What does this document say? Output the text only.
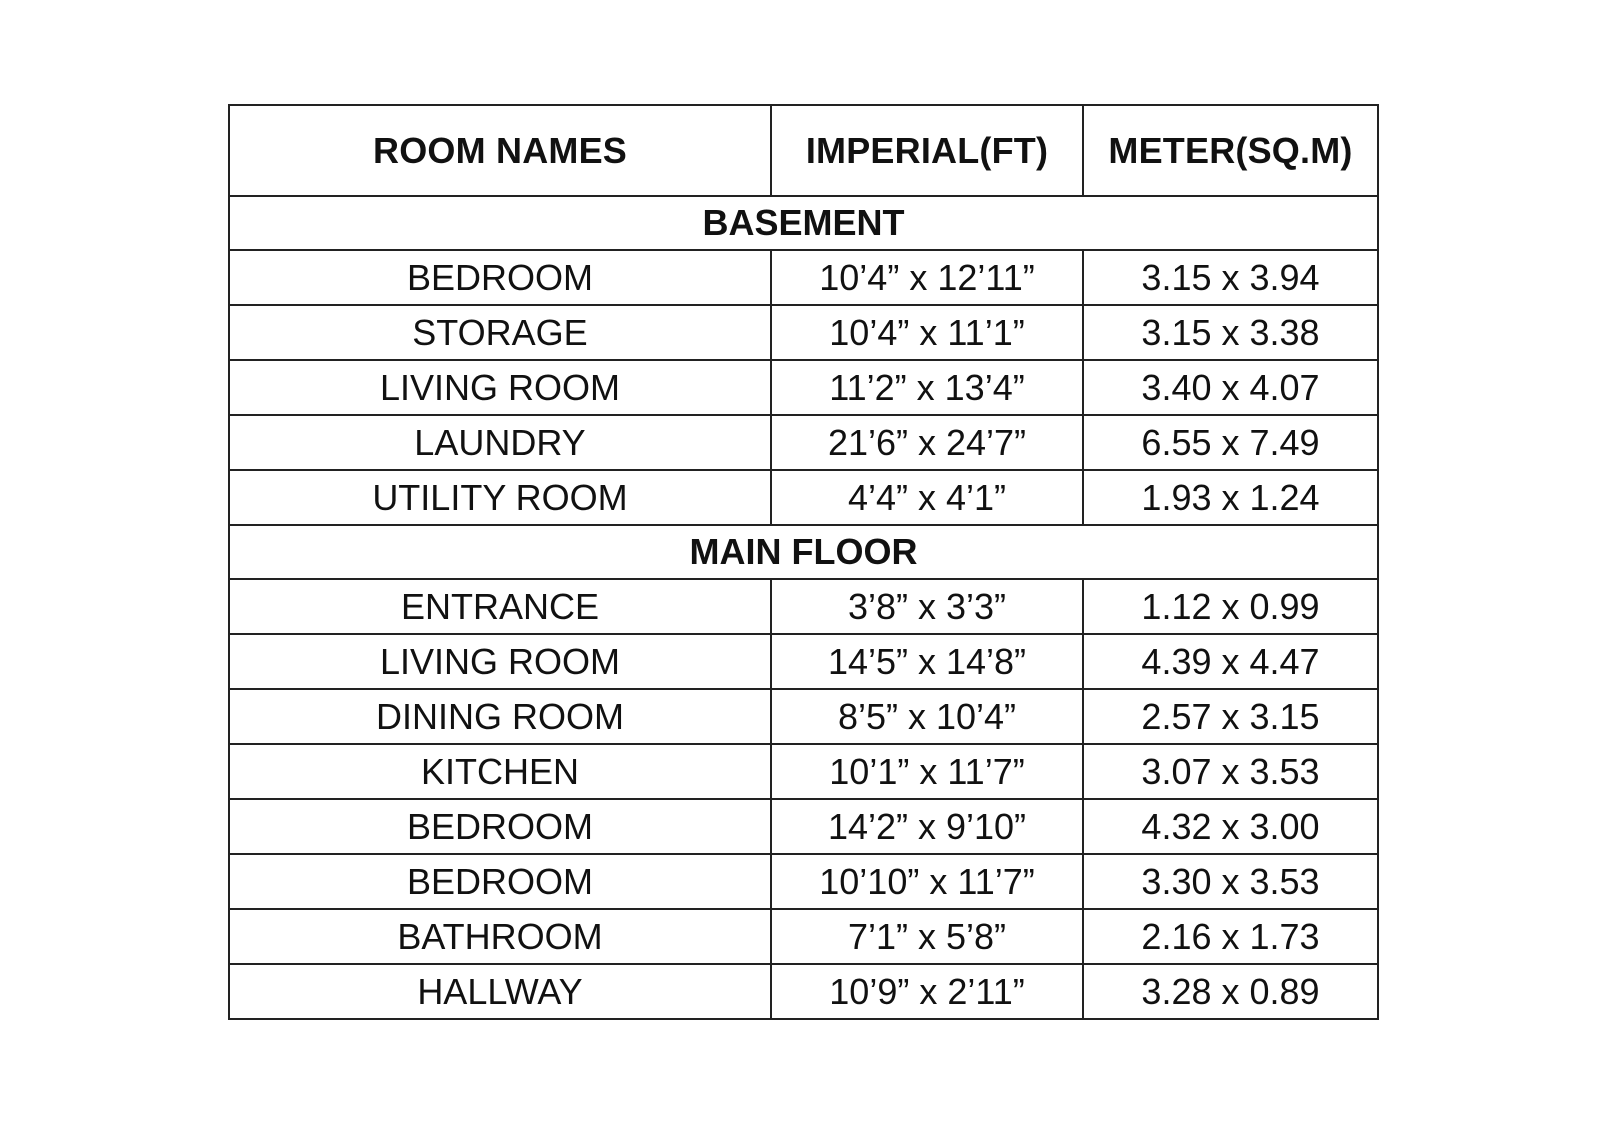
ROOM NAMES	IMPERIAL(FT)	METER(SQ.M)
BASEMENT		
BEDROOM	10’4” x 12’11”	3.15 x 3.94
STORAGE	10’4” x 11’1”	3.15 x 3.38
LIVING ROOM	11’2” x 13’4”	3.40 x 4.07
LAUNDRY	21’6” x 24’7”	6.55 x 7.49
UTILITY ROOM	4’4” x 4’1”	1.93 x 1.24
MAIN FLOOR		
ENTRANCE	3’8” x 3’3”	1.12 x 0.99
LIVING ROOM	14’5” x 14’8”	4.39 x 4.47
DINING ROOM	8’5” x 10’4”	2.57 x 3.15
KITCHEN	10’1” x 11’7”	3.07 x 3.53
BEDROOM	14’2” x 9’10”	4.32 x 3.00
BEDROOM	10’10” x 11’7”	3.30 x 3.53
BATHROOM	7’1” x 5’8”	2.16 x 1.73
HALLWAY	10’9” x 2’11”	3.28 x 0.89
